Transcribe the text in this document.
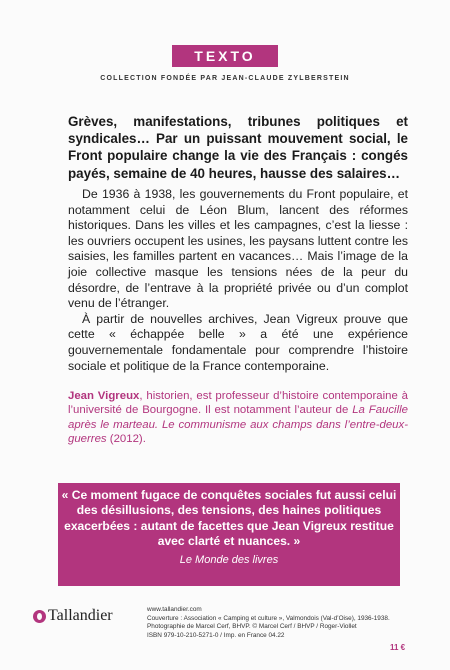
TEXTO
COLLECTION FONDÉE PAR JEAN-CLAUDE ZYLBERSTEIN
Grèves, manifestations, tribunes politiques et syndicales… Par un puissant mouvement social, le Front populaire change la vie des Français : congés payés, semaine de 40 heures, hausse des salaires…

De 1936 à 1938, les gouvernements du Front populaire, et notamment celui de Léon Blum, lancent des réformes historiques. Dans les villes et les campagnes, c’est la liesse : les ouvriers occupent les usines, les paysans luttent contre les saisies, les familles partent en vacances… Mais l’image de la joie collective masque les tensions nées de la peur du désordre, de l’entrave à la propriété privée ou d’un complot venu de l’étranger.

À partir de nouvelles archives, Jean Vigreux prouve que cette « échappée belle » a été une expérience gouvernementale fondamentale pour comprendre l’histoire sociale et politique de la France contemporaine.

Jean Vigreux, historien, est professeur d’histoire contemporaine à l’université de Bourgogne. Il est notamment l’auteur de La Faucille après le marteau. Le communisme aux champs dans l’entre-deux-guerres (2012).
« Ce moment fugace de conquêtes sociales fut aussi celui des désillusions, des tensions, des haines politiques exacerbées : autant de facettes que Jean Vigreux restitue avec clarté et nuances. »
Le Monde des livres
Tallandier	www.tallandier.com
Couverture : Association « Camping et culture », Valmondois (Val-d’Oise), 1936-1938.
Photographie de Marcel Cerf, BHVP. © Marcel Cerf / BHVP / Roger-Viollet
ISBN 979-10-210-5271-0 / Imp. en France 04.22
11 €
